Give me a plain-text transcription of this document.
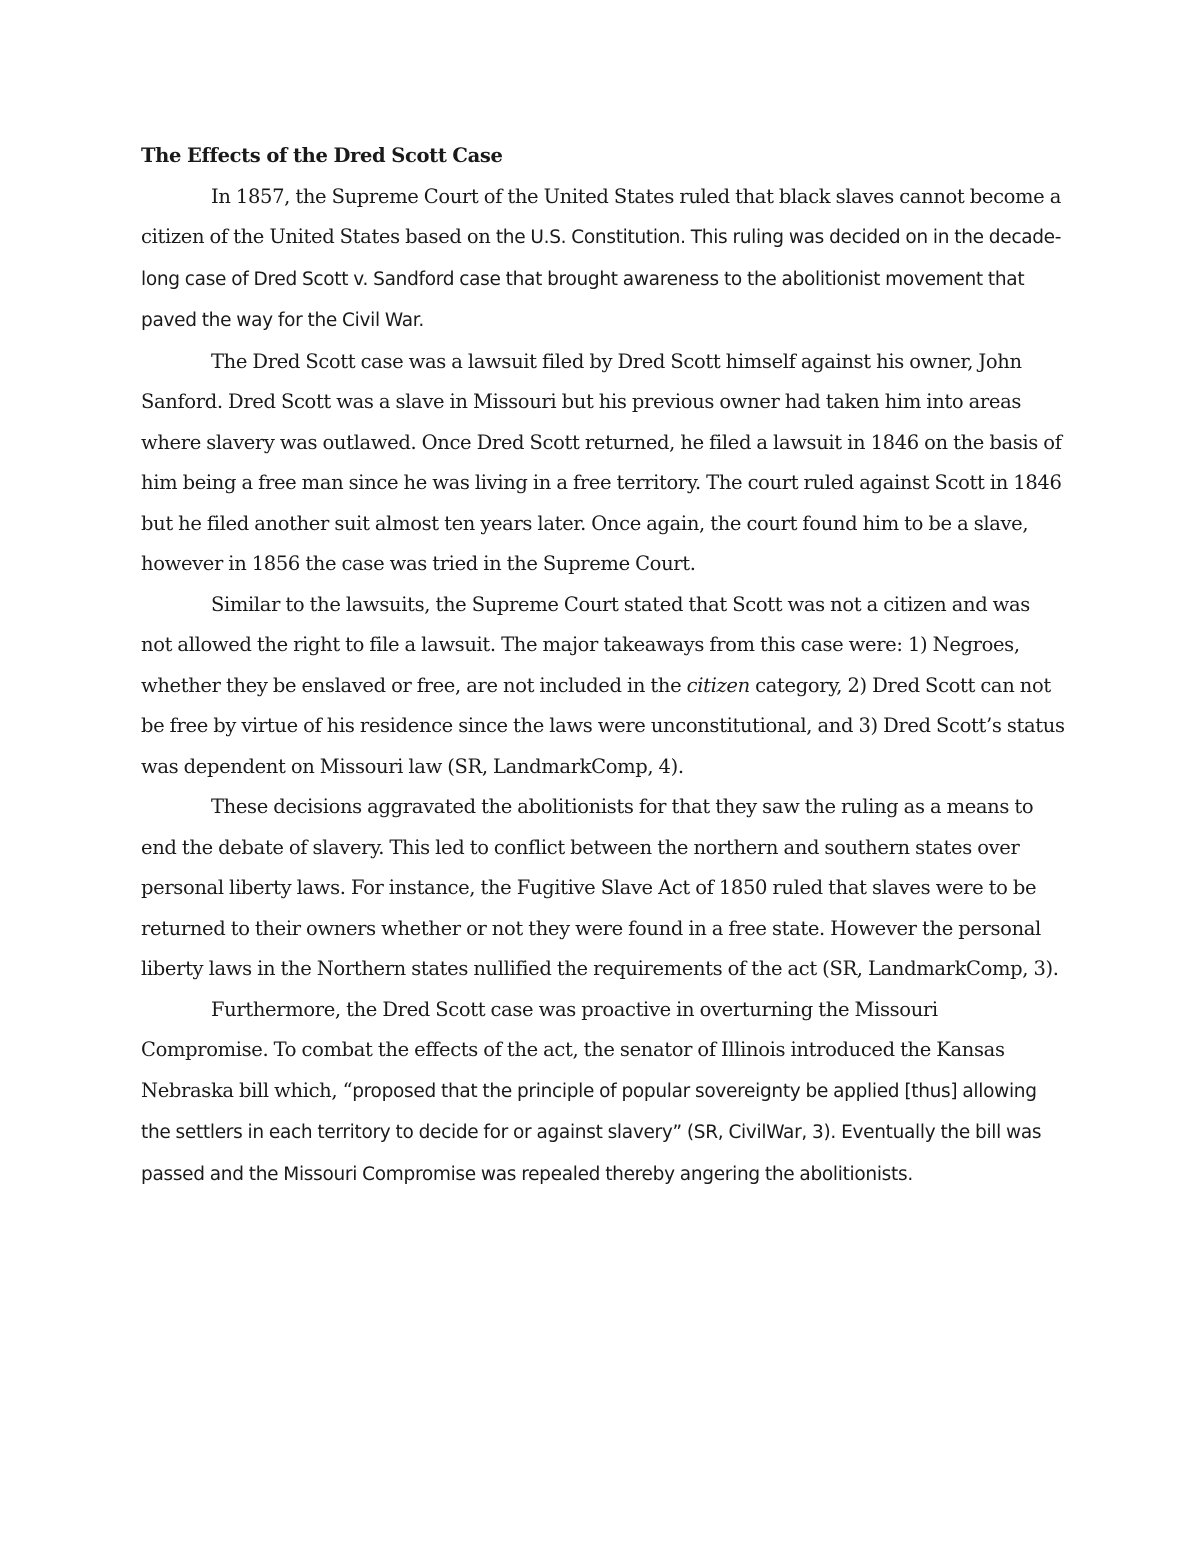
The Effects of the Dred Scott Case

In 1857, the Supreme Court of the United States ruled that black slaves cannot become a citizen of the United States based on the U.S. Constitution. This ruling was decided on in the decade-long case of Dred Scott v. Sandford case that brought awareness to the abolitionist movement that paved the way for the Civil War.

The Dred Scott case was a lawsuit filed by Dred Scott himself against his owner, John Sanford. Dred Scott was a slave in Missouri but his previous owner had taken him into areas where slavery was outlawed. Once Dred Scott returned, he filed a lawsuit in 1846 on the basis of him being a free man since he was living in a free territory. The court ruled against Scott in 1846 but he filed another suit almost ten years later. Once again, the court found him to be a slave, however in 1856 the case was tried in the Supreme Court.

Similar to the lawsuits, the Supreme Court stated that Scott was not a citizen and was not allowed the right to file a lawsuit. The major takeaways from this case were: 1) Negroes, whether they be enslaved or free, are not included in the citizen category, 2) Dred Scott can not be free by virtue of his residence since the laws were unconstitutional, and 3) Dred Scott’s status was dependent on Missouri law (SR, LandmarkComp, 4).

These decisions aggravated the abolitionists for that they saw the ruling as a means to end the debate of slavery. This led to conflict between the northern and southern states over personal liberty laws. For instance, the Fugitive Slave Act of 1850 ruled that slaves were to be returned to their owners whether or not they were found in a free state. However the personal liberty laws in the Northern states nullified the requirements of the act (SR, LandmarkComp, 3).

Furthermore, the Dred Scott case was proactive in overturning the Missouri Compromise. To combat the effects of the act, the senator of Illinois introduced the Kansas Nebraska bill which, “proposed that the principle of popular sovereignty be applied [thus] allowing the settlers in each territory to decide for or against slavery” (SR, CivilWar, 3). Eventually the bill was passed and the Missouri Compromise was repealed thereby angering the abolitionists.
